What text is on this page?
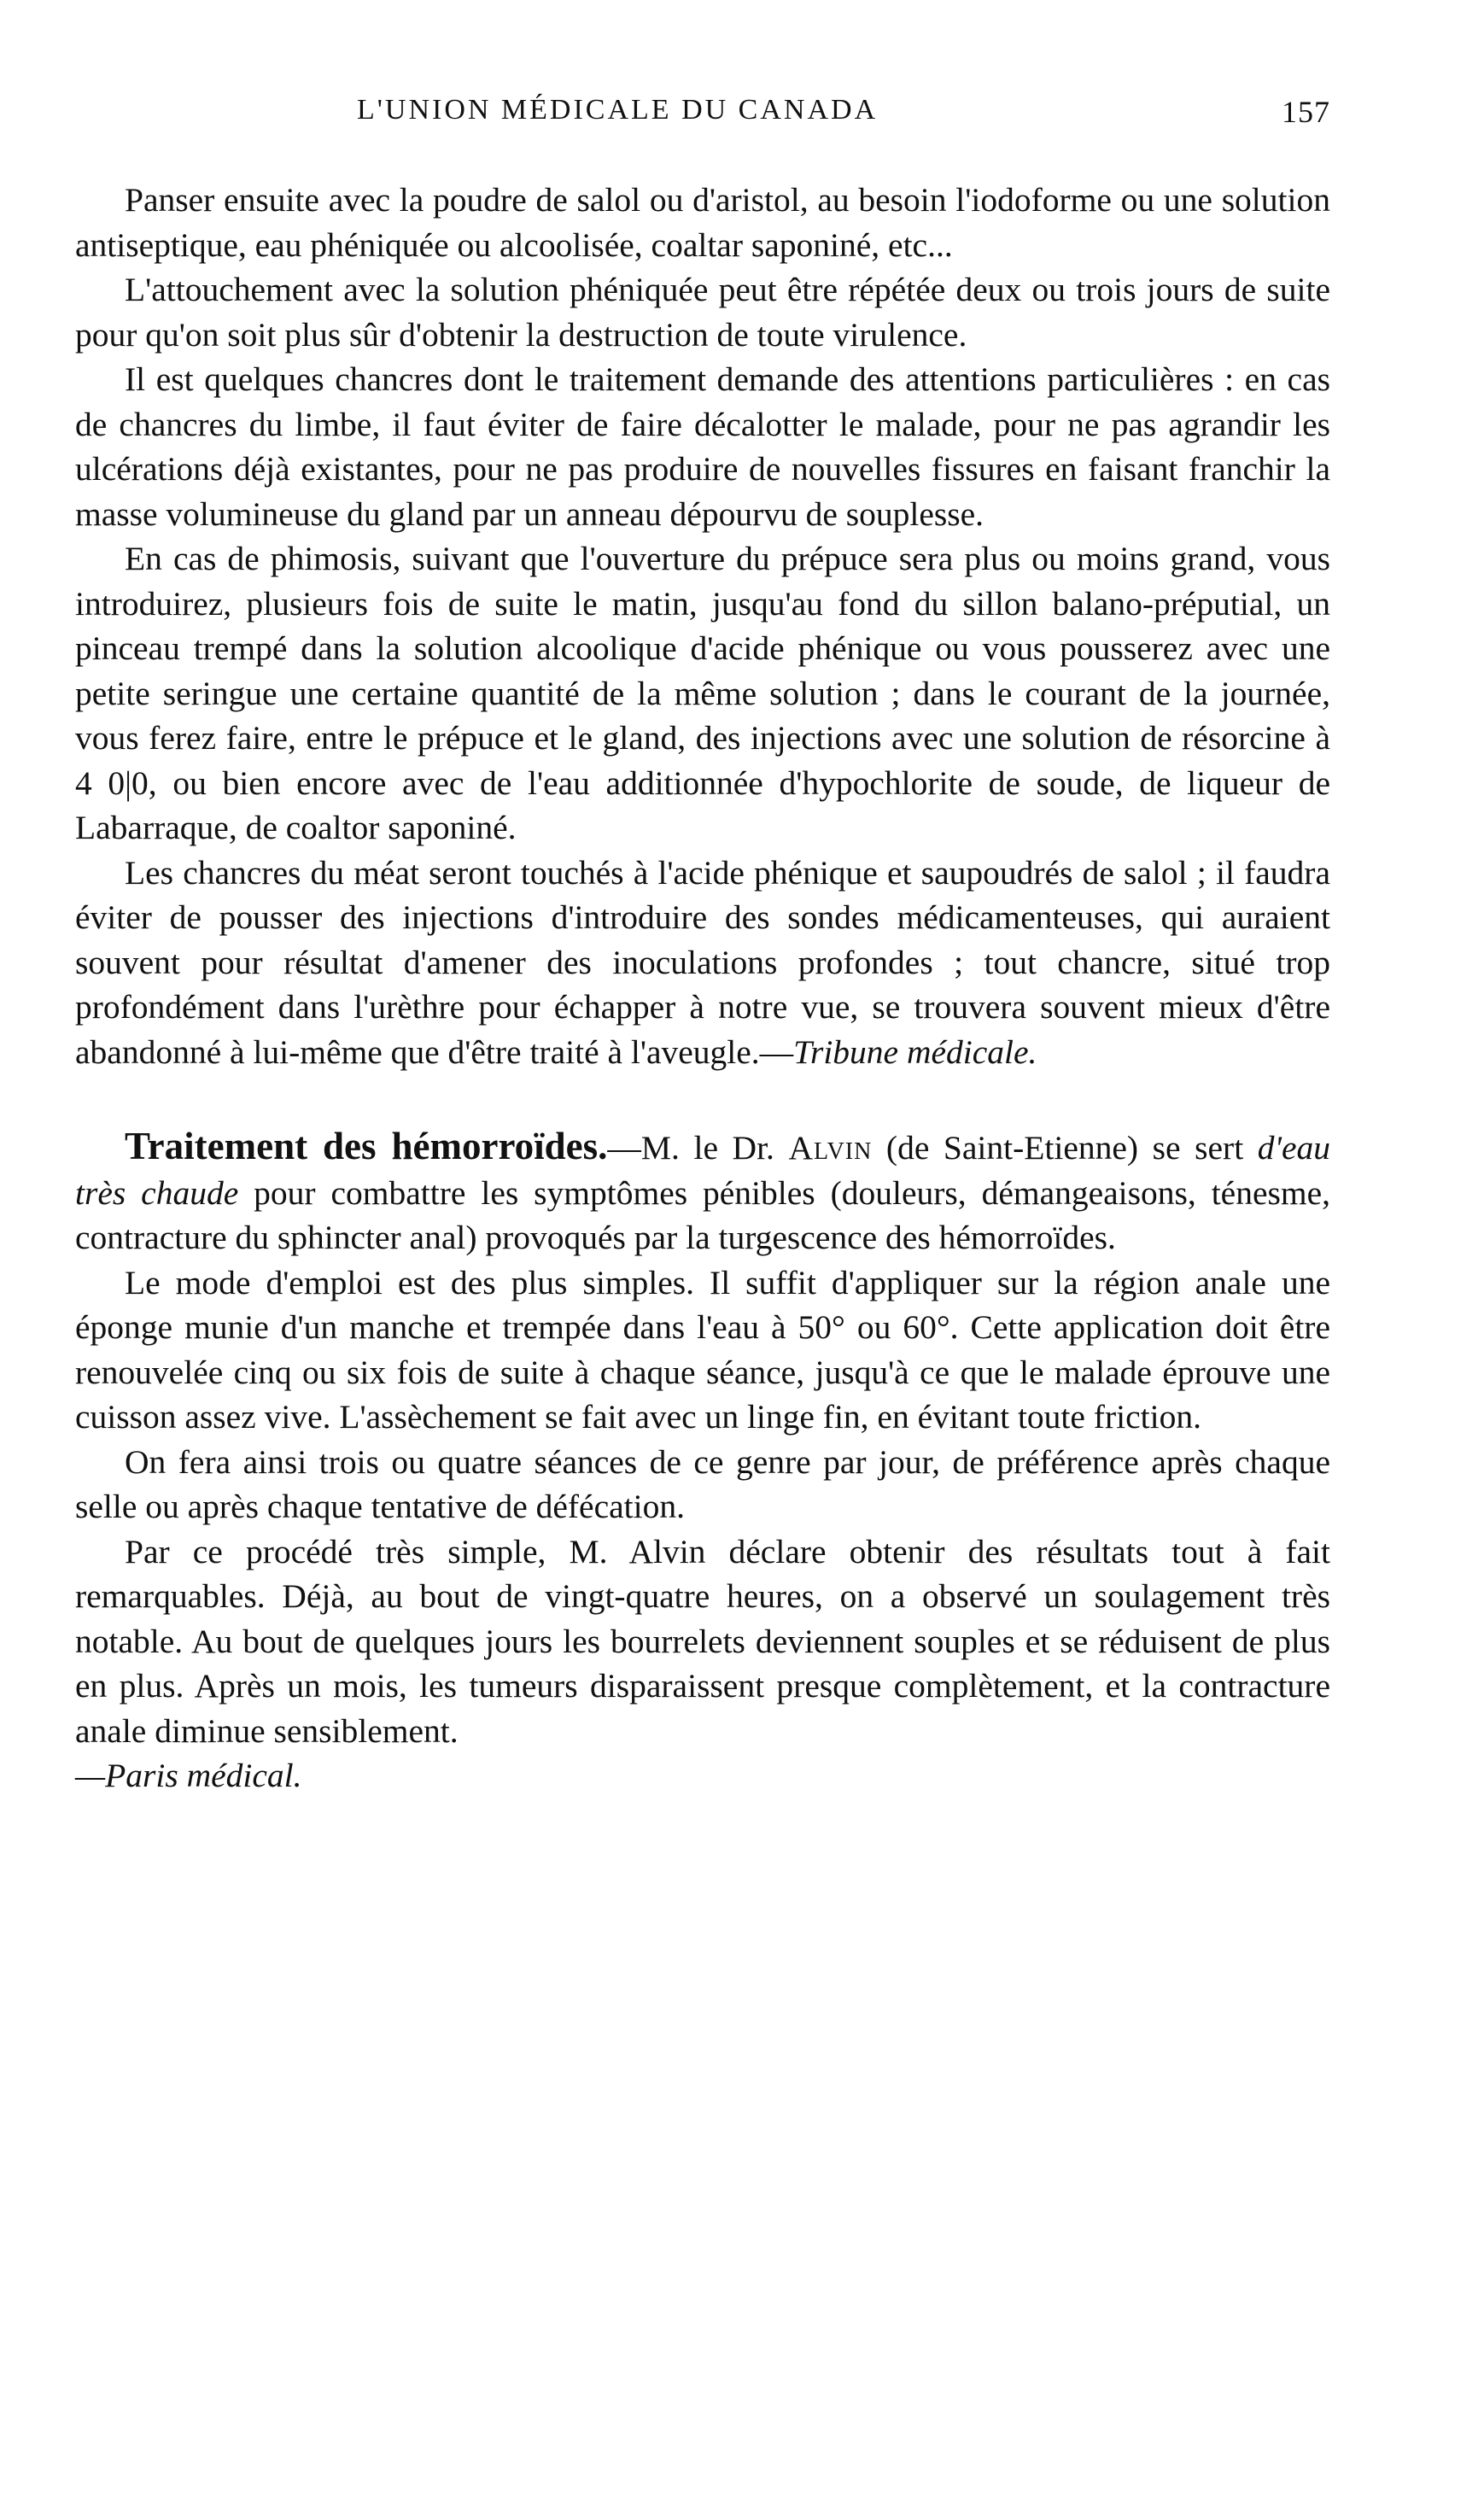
L'UNION MÉDICALE DU CANADA	157

Panser ensuite avec la poudre de salol ou d'aristol, au besoin l'iodoforme ou une solution antiseptique, eau phéniquée ou alcoolisée, coaltar saponiné, etc...

L'attouchement avec la solution phéniquée peut être répétée deux ou trois jours de suite pour qu'on soit plus sûr d'obtenir la destruction de toute virulence.

Il est quelques chancres dont le traitement demande des attentions particulières : en cas de chancres du limbe, il faut éviter de faire décalotter le malade, pour ne pas agrandir les ulcérations déjà existantes, pour ne pas produire de nouvelles fissures en faisant franchir la masse volumineuse du gland par un anneau dépourvu de souplesse.

En cas de phimosis, suivant que l'ouverture du prépuce sera plus ou moins grand, vous introduirez, plusieurs fois de suite le matin, jusqu'au fond du sillon balano-préputial, un pinceau trempé dans la solution alcoolique d'acide phénique ou vous pousserez avec une petite seringue une certaine quantité de la même solution ; dans le courant de la journée, vous ferez faire, entre le prépuce et le gland, des injections avec une solution de résorcine à 4 0|0, ou bien encore avec de l'eau additionnée d'hypochlorite de soude, de liqueur de Labarraque, de coaltor saponiné.

Les chancres du méat seront touchés à l'acide phénique et saupoudrés de salol ; il faudra éviter de pousser des injections d'introduire des sondes médicamenteuses, qui auraient souvent pour résultat d'amener des inoculations profondes ; tout chancre, situé trop profondément dans l'urèthre pour échapper à notre vue, se trouvera souvent mieux d'être abandonné à lui-même que d'être traité à l'aveugle.—Tribune médicale.

Traitement des hémorroïdes.—M. le Dr. Alvin (de Saint-Etienne) se sert d'eau très chaude pour combattre les symptômes pénibles (douleurs, démangeaisons, ténesme, contracture du sphincter anal) provoqués par la turgescence des hémorroïdes.

Le mode d'emploi est des plus simples. Il suffit d'appliquer sur la région anale une éponge munie d'un manche et trempée dans l'eau à 50° ou 60°. Cette application doit être renouvelée cinq ou six fois de suite à chaque séance, jusqu'à ce que le malade éprouve une cuisson assez vive. L'assèchement se fait avec un linge fin, en évitant toute friction.

On fera ainsi trois ou quatre séances de ce genre par jour, de préférence après chaque selle ou après chaque tentative de défécation.

Par ce procédé très simple, M. Alvin déclare obtenir des résultats tout à fait remarquables. Déjà, au bout de vingt-quatre heures, on a observé un soulagement très notable. Au bout de quelques jours les bourrelets deviennent souples et se réduisent de plus en plus. Après un mois, les tumeurs disparaissent presque complètement, et la contracture anale diminue sensiblement.

—Paris médical.
